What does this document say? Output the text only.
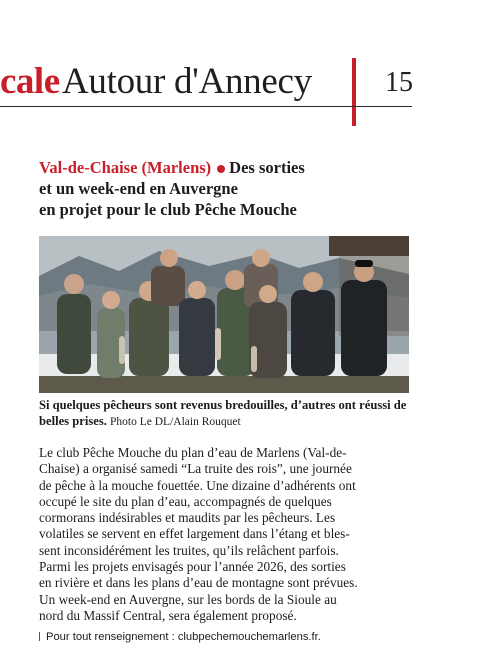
cale Autour d'Annecy	15
Val-de-Chaise (Marlens) Des sorties
et un week-end en Auvergne
en projet pour le club Pêche Mouche
Si quelques pêcheurs sont revenus bredouilles, d’autres ont réussi de belles prises. Photo Le DL/Alain Rouquet
Le club Pêche Mouche du plan d’eau de Marlens (Val-de-
Chaise) a organisé samedi “La truite des rois”, une journée
de pêche à la mouche fouettée. Une dizaine d’adhérents ont
occupé le site du plan d’eau, accompagnés de quelques
cormorans indésirables et maudits par les pêcheurs. Les
volatiles se servent en effet largement dans l’étang et bles-
sent inconsidérément les truites, qu’ils relâchent parfois.
Parmi les projets envisagés pour l’année 2026, des sorties
en rivière et dans les plans d’eau de montagne sont prévues.
Un week-end en Auvergne, sur les bords de la Sioule au
nord du Massif Central, sera également proposé.
Pour tout renseignement : clubpechemouchemarlens.fr.
